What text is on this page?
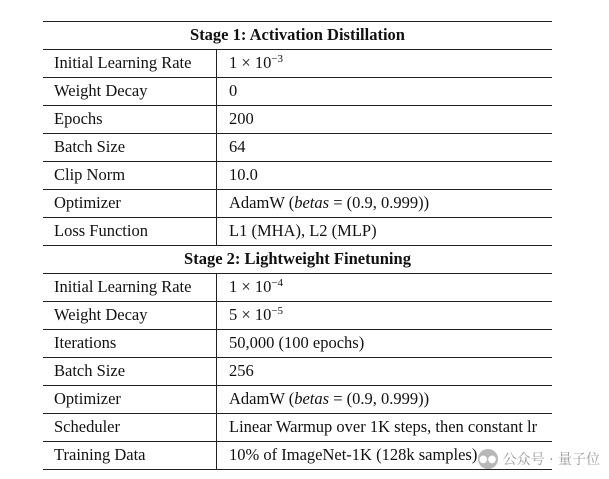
Stage 1: Activation Distillation	
Initial Learning Rate	$1 \times 10^{-3}$
Weight Decay	0
Epochs	200
Batch Size	64
Clip Norm	10.0
Optimizer	AdamW (betas = (0.9, 0.999))
Loss Function	L1 (MHA), L2 (MLP)
Stage 2: Lightweight Finetuning	
Initial Learning Rate	$1 \times 10^{-4}$
Weight Decay	$5 \times 10^{-5}$
Iterations	50,000 (100 epochs)
Batch Size	256
Optimizer	AdamW (betas = (0.9, 0.999))
Scheduler	Linear Warmup over 1K steps, then constant lr
Training Data	10% of ImageNet-1K (128k samples) ●● 公众号 · 量子位
